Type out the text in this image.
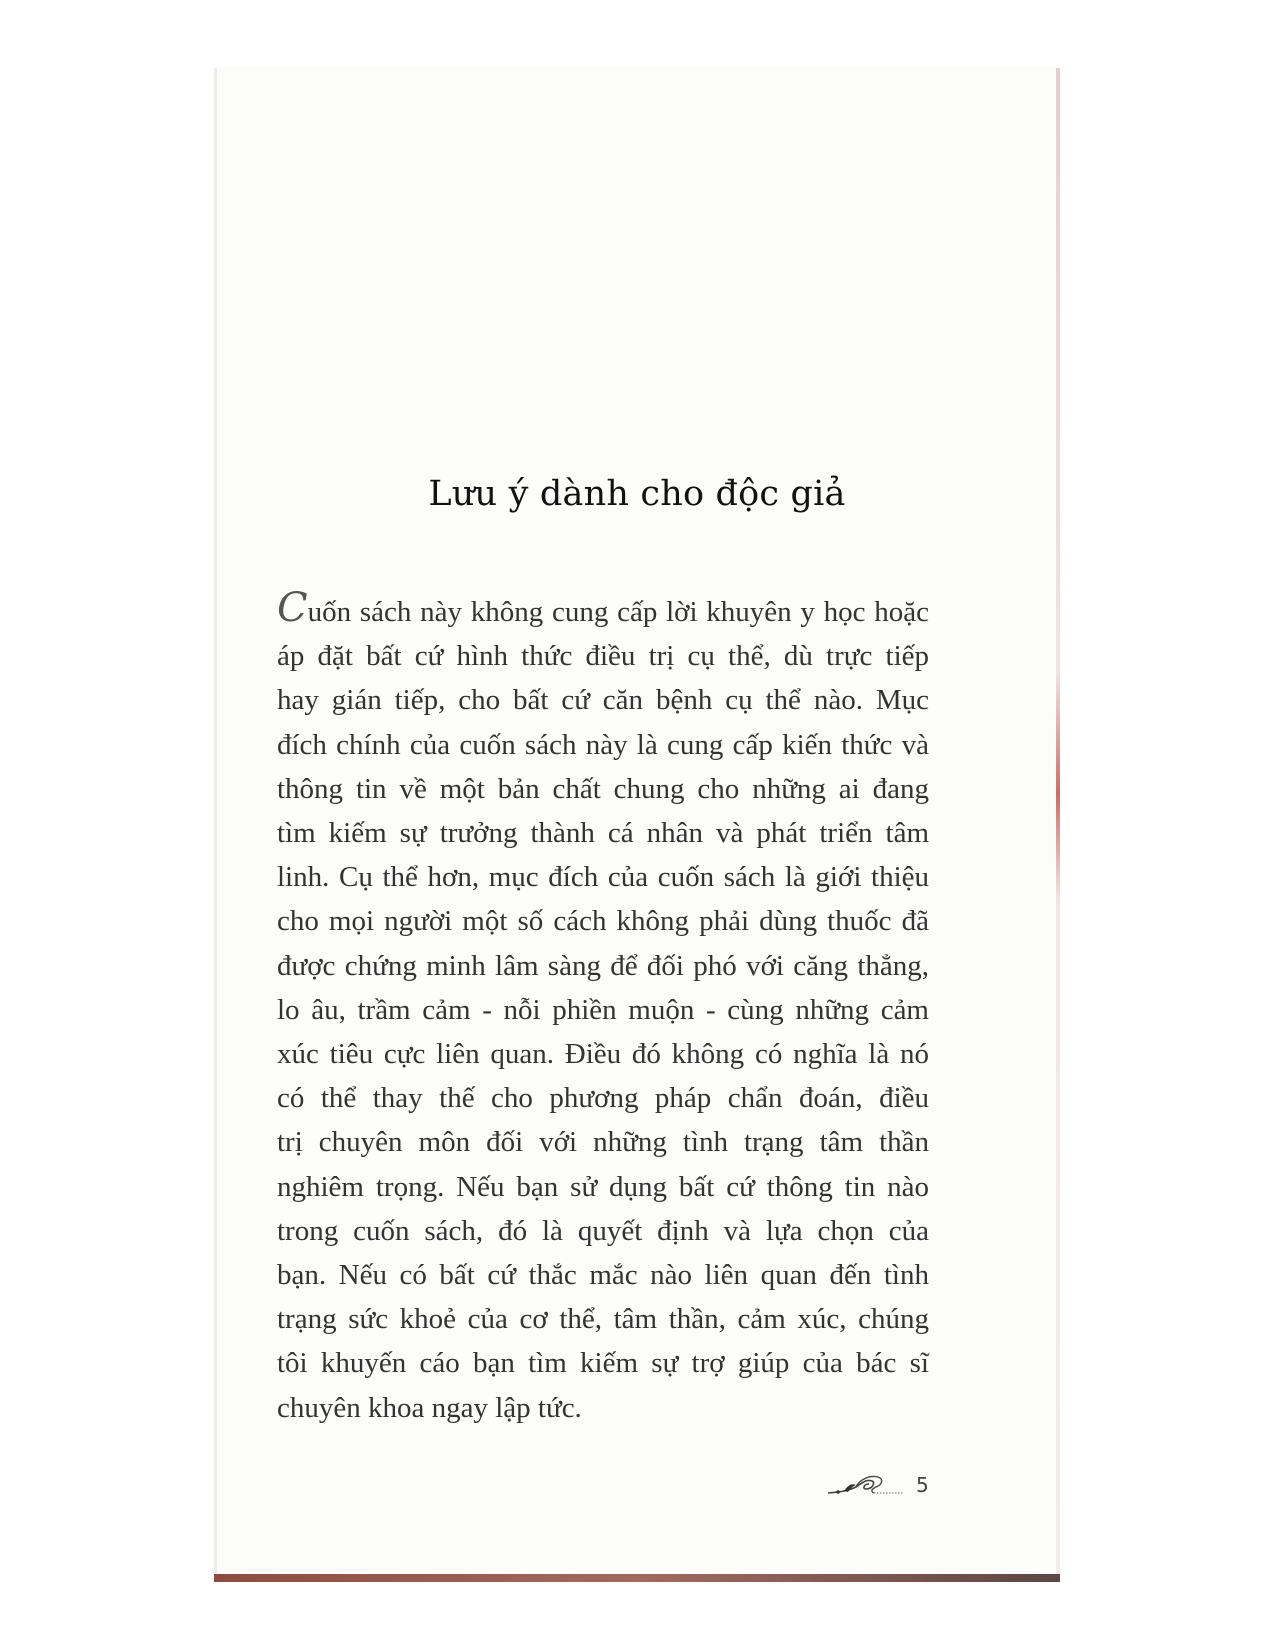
Lưu ý dành cho độc giả
Cuốn sách này không cung cấp lời khuyên y học hoặc
áp đặt bất cứ hình thức điều trị cụ thể, dù trực tiếp
hay gián tiếp, cho bất cứ căn bệnh cụ thể nào. Mục
đích chính của cuốn sách này là cung cấp kiến thức và
thông tin về một bản chất chung cho những ai đang
tìm kiếm sự trưởng thành cá nhân và phát triển tâm
linh. Cụ thể hơn, mục đích của cuốn sách là giới thiệu
cho mọi người một số cách không phải dùng thuốc đã
được chứng minh lâm sàng để đối phó với căng thẳng,
lo âu, trầm cảm - nỗi phiền muộn - cùng những cảm
xúc tiêu cực liên quan. Điều đó không có nghĩa là nó
có thể thay thế cho phương pháp chẩn đoán, điều
trị chuyên môn đối với những tình trạng tâm thần
nghiêm trọng. Nếu bạn sử dụng bất cứ thông tin nào
trong cuốn sách, đó là quyết định và lựa chọn của
bạn. Nếu có bất cứ thắc mắc nào liên quan đến tình
trạng sức khoẻ của cơ thể, tâm thần, cảm xúc, chúng
tôi khuyến cáo bạn tìm kiếm sự trợ giúp của bác sĩ
chuyên khoa ngay lập tức.
5
